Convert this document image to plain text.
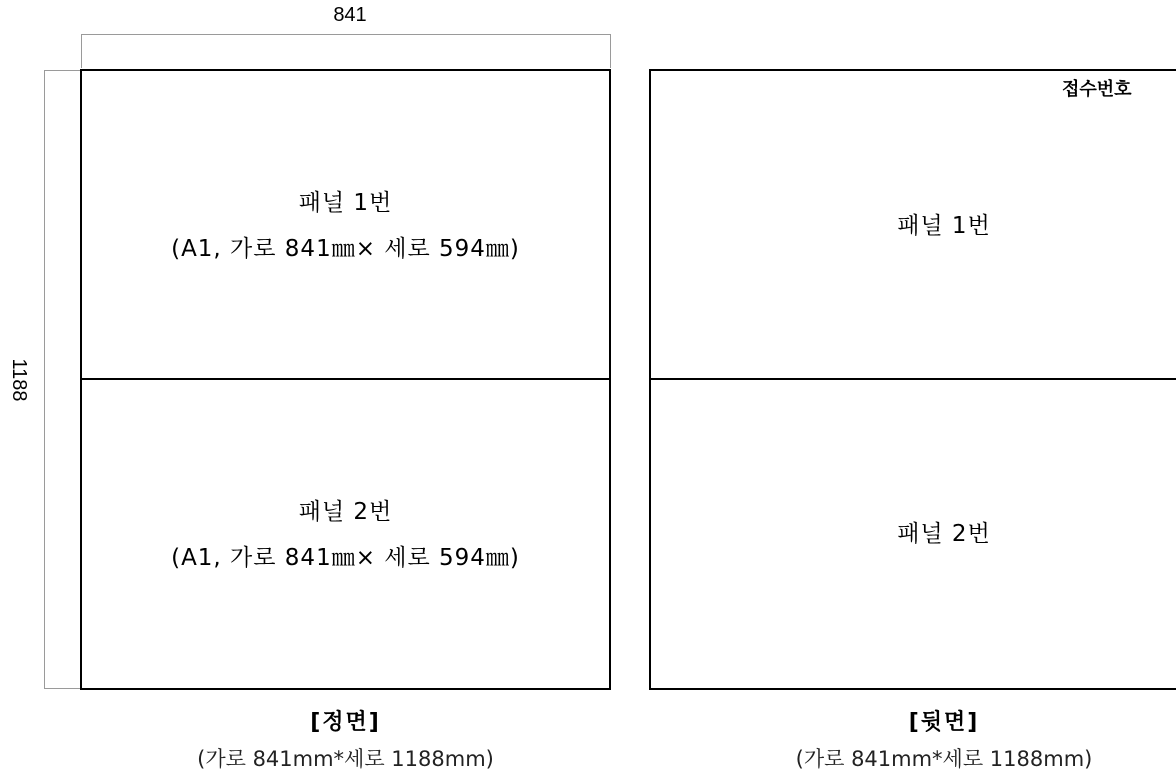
841
1188
패널 1번
(A1, 가로 841㎜× 세로 594㎜)
패널 2번
(A1, 가로 841㎜× 세로 594㎜)
접수번호
패널 1번
패널 2번
[정면]
(가로 841mm*세로 1188mm)
[뒷면]
(가로 841mm*세로 1188mm)
